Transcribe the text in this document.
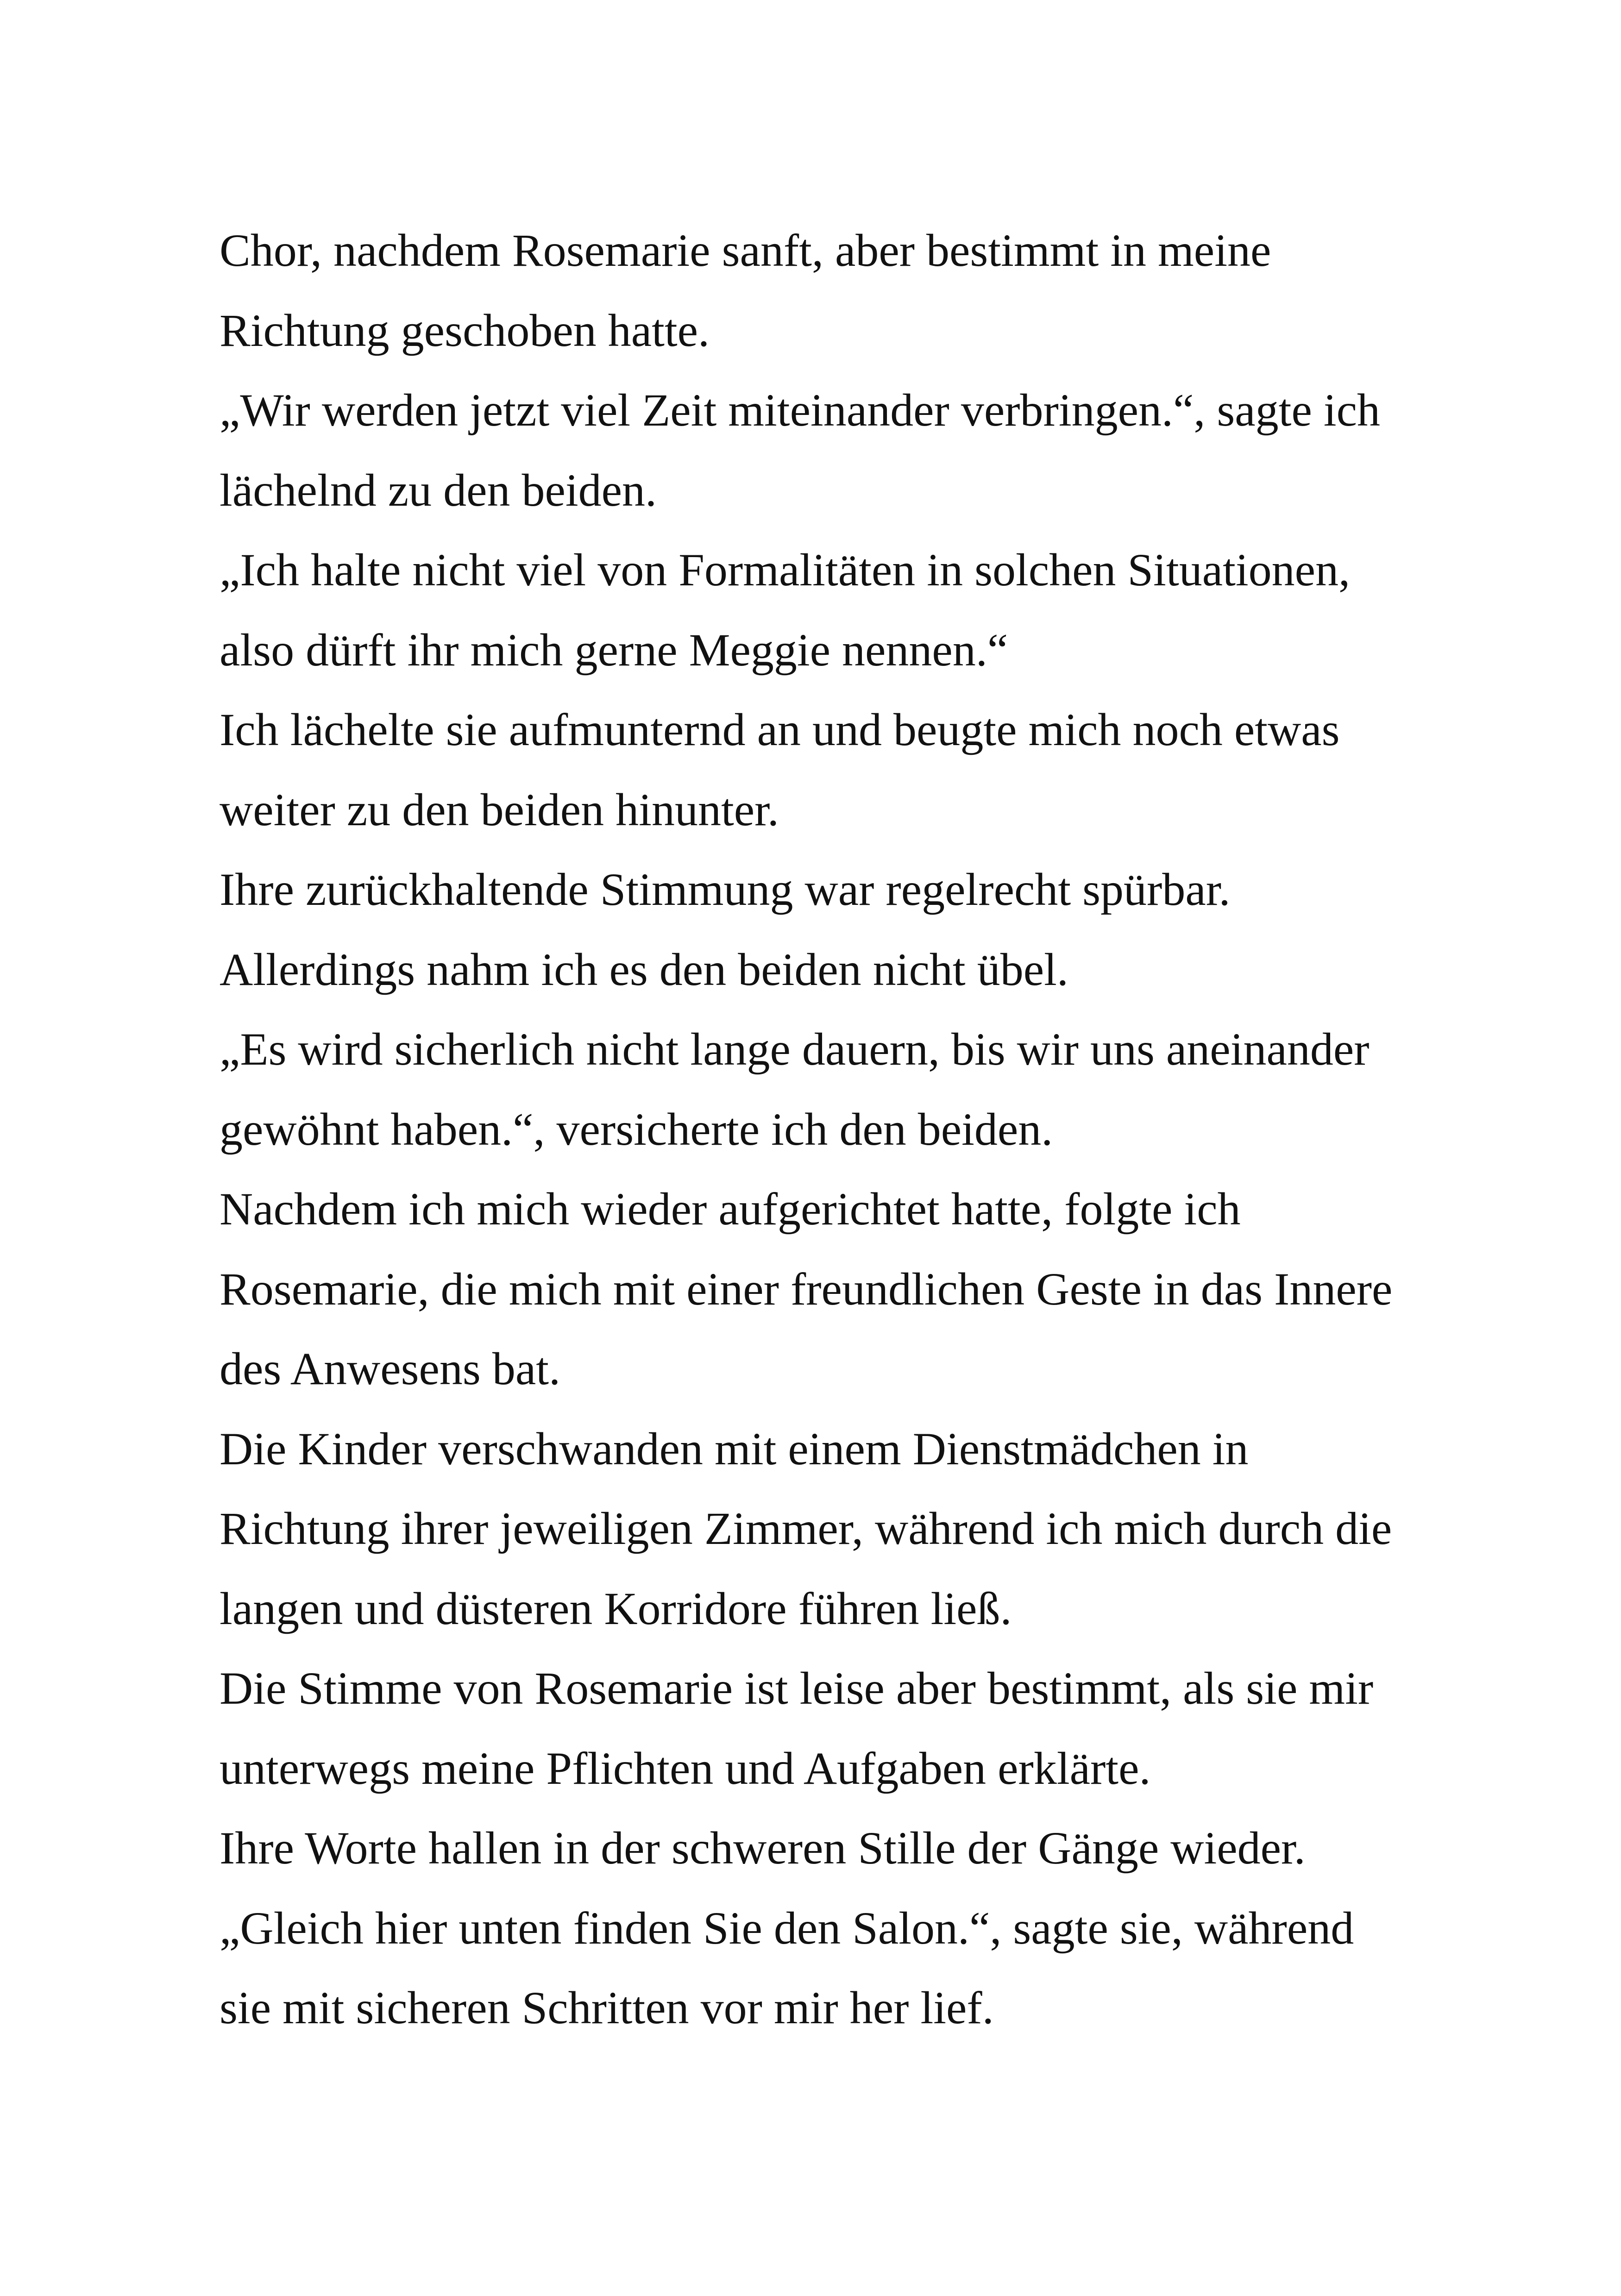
Chor, nachdem Rosemarie sanft, aber bestimmt in meine
Richtung geschoben hatte.
„Wir werden jetzt viel Zeit miteinander verbringen.“, sagte ich
lächelnd zu den beiden.
„Ich halte nicht viel von Formalitäten in solchen Situationen,
also dürft ihr mich gerne Meggie nennen.“
Ich lächelte sie aufmunternd an und beugte mich noch etwas
weiter zu den beiden hinunter.
Ihre zurückhaltende Stimmung war regelrecht spürbar.
Allerdings nahm ich es den beiden nicht übel.
„Es wird sicherlich nicht lange dauern, bis wir uns aneinander
gewöhnt haben.“, versicherte ich den beiden.
Nachdem ich mich wieder aufgerichtet hatte, folgte ich
Rosemarie, die mich mit einer freundlichen Geste in das Innere
des Anwesens bat.
Die Kinder verschwanden mit einem Dienstmädchen in
Richtung ihrer jeweiligen Zimmer, während ich mich durch die
langen und düsteren Korridore führen ließ.
Die Stimme von Rosemarie ist leise aber bestimmt, als sie mir
unterwegs meine Pflichten und Aufgaben erklärte.
Ihre Worte hallen in der schweren Stille der Gänge wieder.
„Gleich hier unten finden Sie den Salon.“, sagte sie, während
sie mit sicheren Schritten vor mir her lief.
